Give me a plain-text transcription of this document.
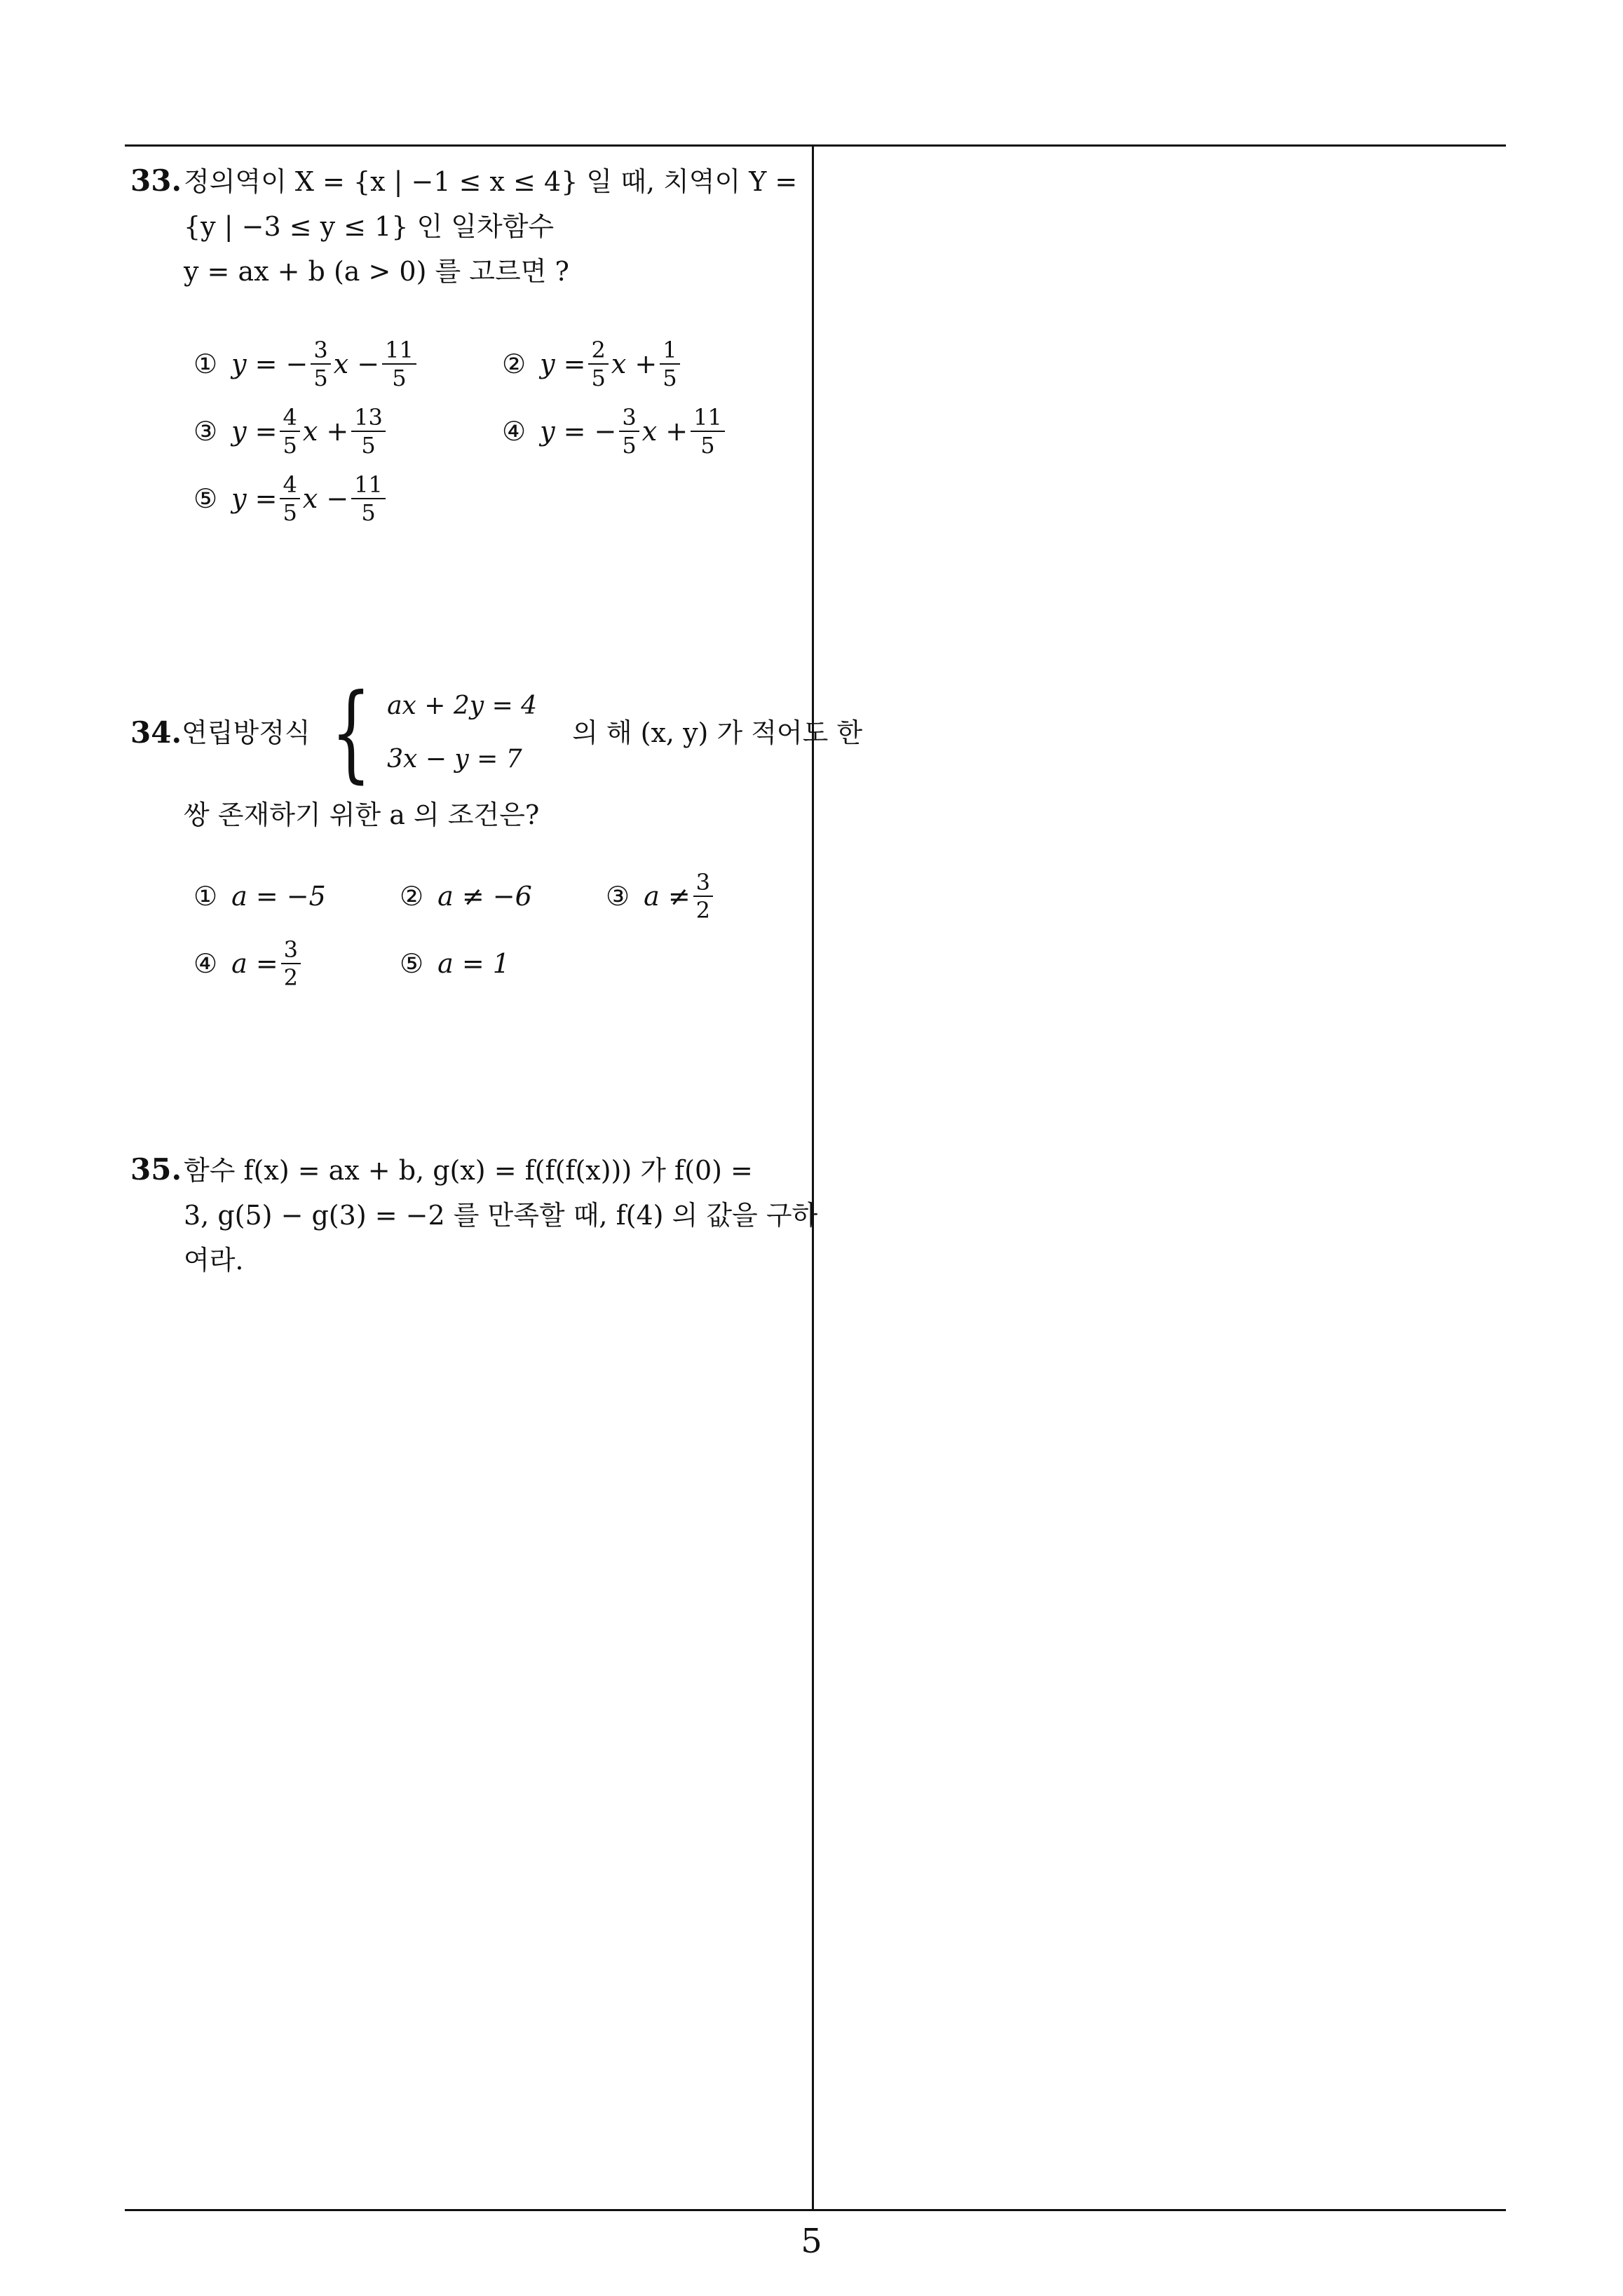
33.정의역이 X = {x | −1 ≤ x ≤ 4} 일 때, 치역이 Y =
{y | −3 ≤ y ≤ 1} 인 일차함수
y = ax + b (a > 0) 를 고르면 ?
① y = − $\frac{3}{5}$ $x - \frac{11}{5}$	② $y = \frac{2}{5}$ $x + \frac{1}{5}$
③ $y = \frac{4}{5}$ $x + \frac{13}{5}$	④ y = − $\frac{3}{5}$ $x + \frac{11}{5}$
⑤ $y = \frac{4}{5}$ $x - \frac{11}{5}$
34. 연립방정식 { ax + 2y = 4
3x − y = 7
의 해 (x, y) 가 적어도 한
쌍 존재하기 위한 a 의 조건은?
① a = −5	② a ≠ −6	③ $a \ne \frac{3}{2}$
④ $a = \frac{3}{2}$	⑤ a = 1
35.함수 f(x) = ax + b, g(x) = f(f(f(x))) 가 f(0) =
3, g(5) − g(3) = −2 를 만족할 때, f(4) 의 값을 구하
여라.
5
